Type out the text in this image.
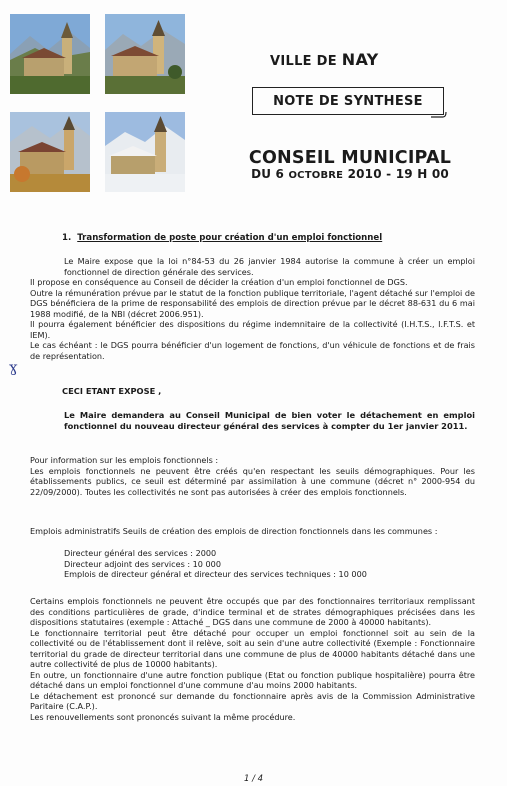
VILLE DE NAY
NOTE DE SYNTHESE
CONSEIL MUNICIPAL
DU 6 OCTOBRE 2010 - 19 H 00
1. Transformation de poste pour création d'un emploi fonctionnel
Le Maire expose que la loi n°84-53 du 26 janvier 1984 autorise la commune à créer un emploi fonctionnel de direction générale des services.
Il propose en conséquence au Conseil de décider la création d'un emploi fonctionnel de DGS.
Outre la rémunération prévue par le statut de la fonction publique territoriale, l'agent détaché sur l'emploi de DGS bénéficiera de la prime de responsabilité des emplois de direction prévue par le décret 88-631 du 6 mai 1988 modifié, de la NBI (décret 2006.951).
Il pourra également bénéficier des dispositions du régime indemnitaire de la collectivité (I.H.T.S., I.F.T.S. et IEM).
Le cas échéant : le DGS pourra bénéficier d'un logement de fonctions, d'un véhicule de fonctions et de frais de représentation.
ɣ
CECI ETANT EXPOSE ,
Le Maire demandera au Conseil Municipal de bien voter le détachement en emploi fonctionnel du nouveau directeur général des services à compter du 1er janvier 2011.
Pour information sur les emplois fonctionnels :
Les emplois fonctionnels ne peuvent être créés qu'en respectant les seuils démographiques. Pour les établissements publics, ce seuil est déterminé par assimilation à une commune (décret n° 2000-954 du 22/09/2000). Toutes les collectivités ne sont pas autorisées à créer des emplois fonctionnels.
Emplois administratifs Seuils de création des emplois de direction fonctionnels dans les communes :
Directeur général des services : 2000
Directeur adjoint des services : 10 000
Emplois de directeur général et directeur des services techniques : 10 000
Certains emplois fonctionnels ne peuvent être occupés que par des fonctionnaires territoriaux remplissant des conditions particulières de grade, d'indice terminal et de strates démographiques précisées dans les dispositions statutaires (exemple : Attaché _ DGS dans une commune de 2000 à 40000 habitants).
Le fonctionnaire territorial peut être détaché pour occuper un emploi fonctionnel soit au sein de la collectivité ou de l'établissement dont il relève, soit au sein d'une autre collectivité (Exemple : Fonctionnaire territorial du grade de directeur territorial dans une commune de plus de 40000 habitants détaché dans une autre collectivité de plus de 10000 habitants).
En outre, un fonctionnaire d'une autre fonction publique (Etat ou fonction publique hospitalière) pourra être détaché dans un emploi fonctionnel d'une commune d'au moins 2000 habitants.
Le détachement est prononcé sur demande du fonctionnaire après avis de la Commission Administrative Paritaire (C.A.P.).
Les renouvellements sont prononcés suivant la même procédure.
1 / 4
